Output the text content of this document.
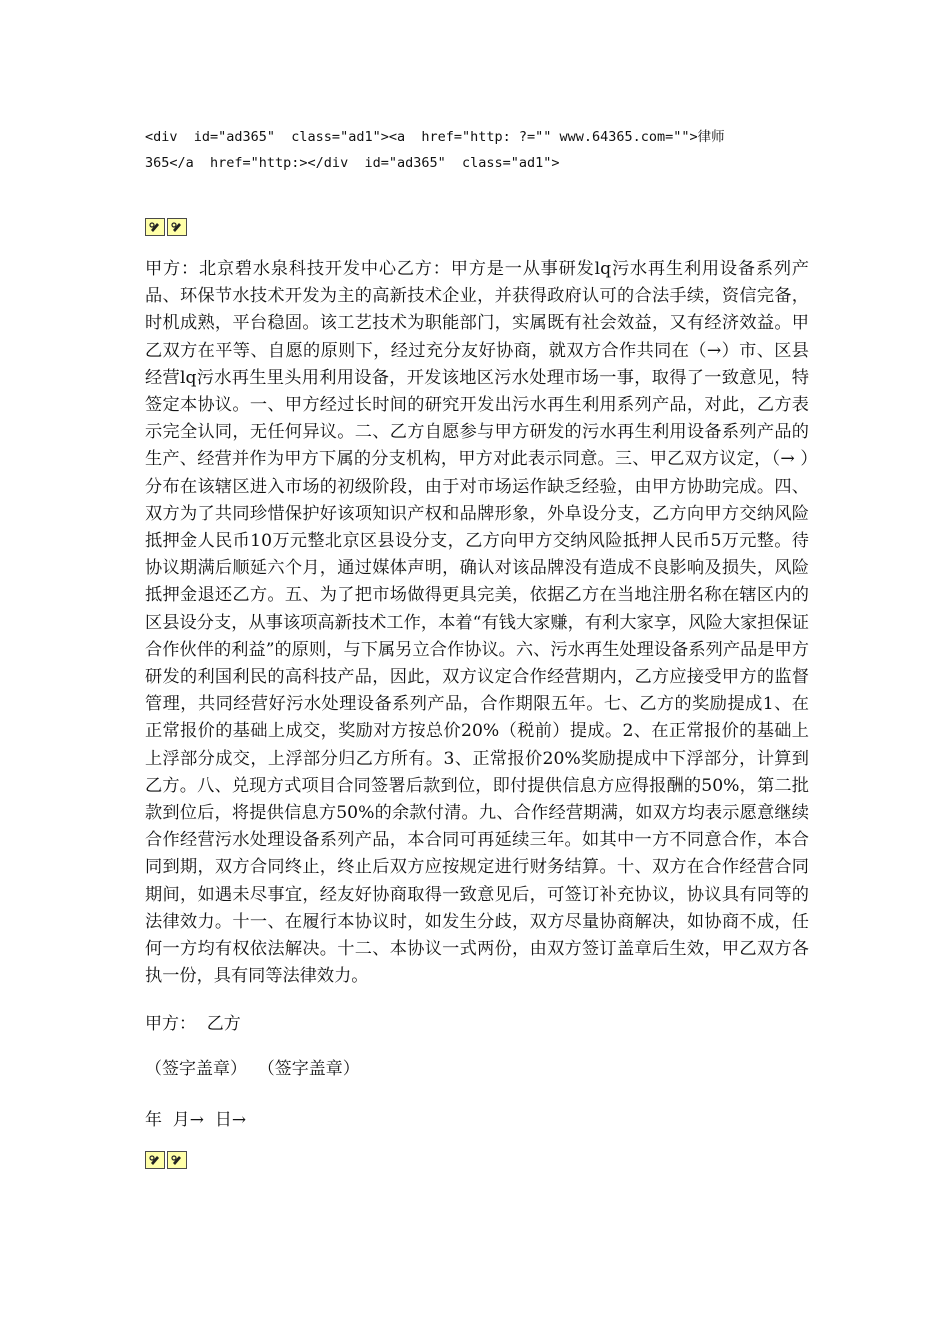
<div  id="ad365"  class="ad1"><a  href="http: ?="" www.64365.com="">律师
365</a  href="http:></div  id="ad365"  class="ad1">

甲方：北京碧水泉科技开发中心乙方：甲方是一从事研发lq污水再生利用设备系列产品、环保节水技术开发为主的高新技术企业，并获得政府认可的合法手续，资信完备，时机成熟，平台稳固。该工艺技术为职能部门，实属既有社会效益，又有经济效益。甲乙双方在平等、自愿的原则下，经过充分友好协商，就双方合作共同在（→）市、区县经营lq污水再生里头用利用设备，开发该地区污水处理市场一事，取得了一致意见，特签定本协议。一、甲方经过长时间的研究开发出污水再生利用系列产品，对此，乙方表示完全认同，无任何异议。二、乙方自愿参与甲方研发的污水再生利用设备系列产品的生产、经营并作为甲方下属的分支机构，甲方对此表示同意。三、甲乙双方议定，（→ ）分布在该辖区进入市场的初级阶段，由于对市场运作缺乏经验，由甲方协助完成。四、双方为了共同珍惜保护好该项知识产权和品牌形象，外阜设分支，乙方向甲方交纳风险抵押金人民币10万元整北京区县设分支，乙方向甲方交纳风险抵押人民币5万元整。待协议期满后顺延六个月，通过媒体声明，确认对该品牌没有造成不良影响及损失，风险抵押金退还乙方。五、为了把市场做得更具完美，依据乙方在当地注册名称在辖区内的区县设分支，从事该项高新技术工作，本着“有钱大家赚，有利大家享，风险大家担保证合作伙伴的利益”的原则，与下属另立合作协议。六、污水再生处理设备系列产品是甲方研发的利国利民的高科技产品，因此，双方议定合作经营期内，乙方应接受甲方的监督管理，共同经营好污水处理设备系列产品，合作期限五年。七、乙方的奖励提成1、在正常报价的基础上成交，奖励对方按总价20%（税前）提成。2、在正常报价的基础上上浮部分成交，上浮部分归乙方所有。3、正常报价20%奖励提成中下浮部分，计算到乙方。八、兑现方式项目合同签署后款到位，即付提供信息方应得报酬的50%，第二批款到位后，将提供信息方50%的余款付清。九、合作经营期满，如双方均表示愿意继续合作经营污水处理设备系列产品，本合同可再延续三年。如其中一方不同意合作，本合同到期，双方合同终止，终止后双方应按规定进行财务结算。十、双方在合作经营合同期间，如遇未尽事宜，经友好协商取得一致意见后，可签订补充协议，协议具有同等的法律效力。十一、在履行本协议时，如发生分歧，双方尽量协商解决，如协商不成，任何一方均有权依法解决。十二、本协议一式两份，由双方签订盖章后生效，甲乙双方各执一份，具有同等法律效力。

甲方：  乙方
（签字盖章）  （签字盖章）
年  月→  日→
